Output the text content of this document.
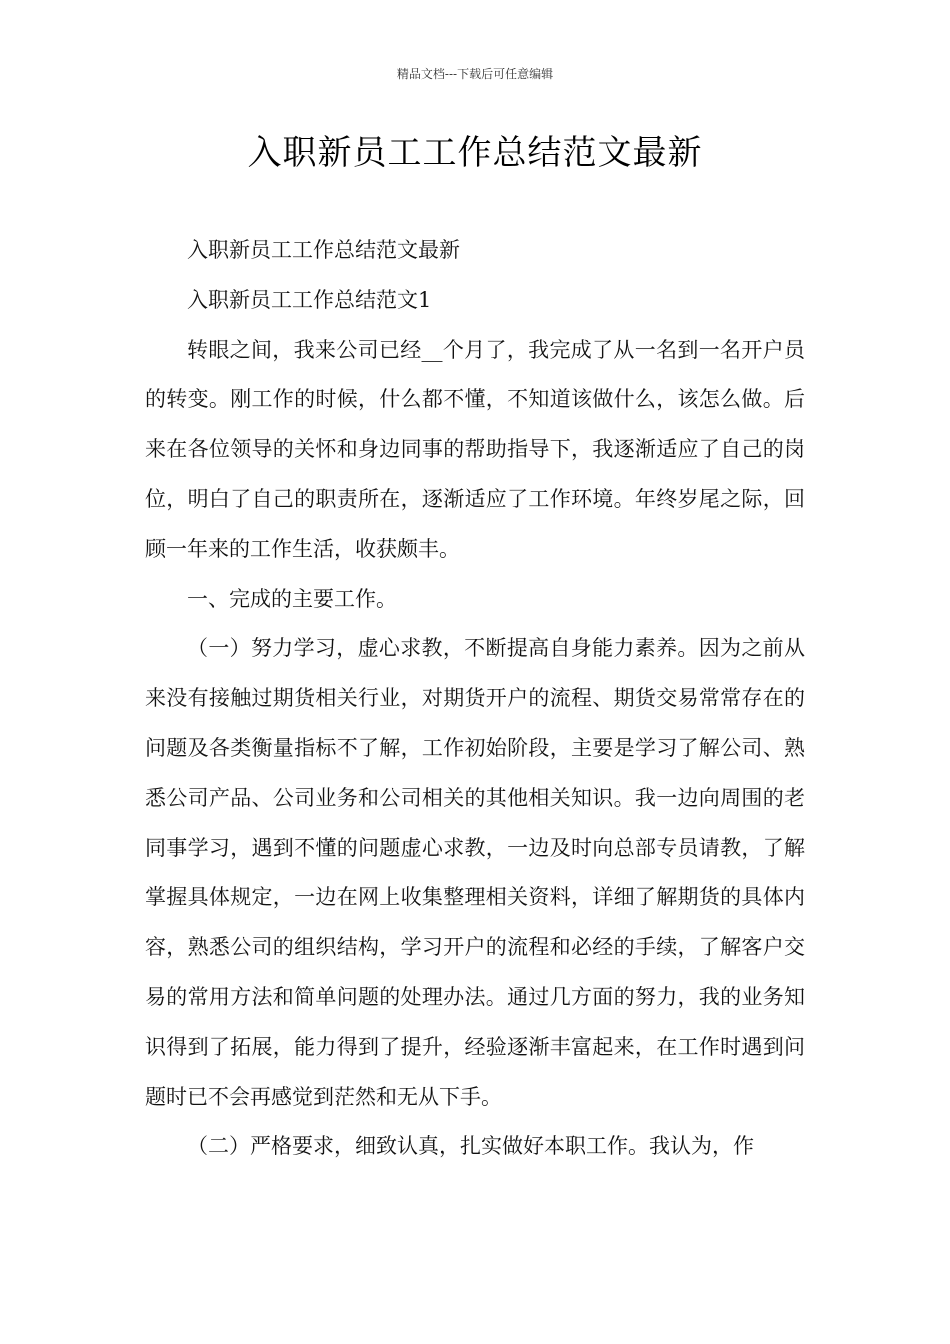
精品文档---下载后可任意编辑
入职新员工工作总结范文最新

入职新员工工作总结范文最新

入职新员工工作总结范文1

转眼之间，我来公司已经__个月了，我完成了从一名到一名开户员的转变。刚工作的时候，什么都不懂，不知道该做什么，该怎么做。后来在各位领导的关怀和身边同事的帮助指导下，我逐渐适应了自己的岗位，明白了自己的职责所在，逐渐适应了工作环境。年终岁尾之际，回顾一年来的工作生活，收获颇丰。

一、完成的主要工作。

（一）努力学习，虚心求教，不断提高自身能力素养。因为之前从来没有接触过期货相关行业，对期货开户的流程、期货交易常常存在的问题及各类衡量指标不了解，工作初始阶段，主要是学习了解公司、熟悉公司产品、公司业务和公司相关的其他相关知识。我一边向周围的老同事学习，遇到不懂的问题虚心求教，一边及时向总部专员请教，了解掌握具体规定，一边在网上收集整理相关资料，详细了解期货的具体内容，熟悉公司的组织结构，学习开户的流程和必经的手续，了解客户交易的常用方法和简单问题的处理办法。通过几方面的努力，我的业务知识得到了拓展，能力得到了提升，经验逐渐丰富起来，在工作时遇到问题时已不会再感觉到茫然和无从下手。

（二）严格要求，细致认真，扎实做好本职工作。我认为，作
